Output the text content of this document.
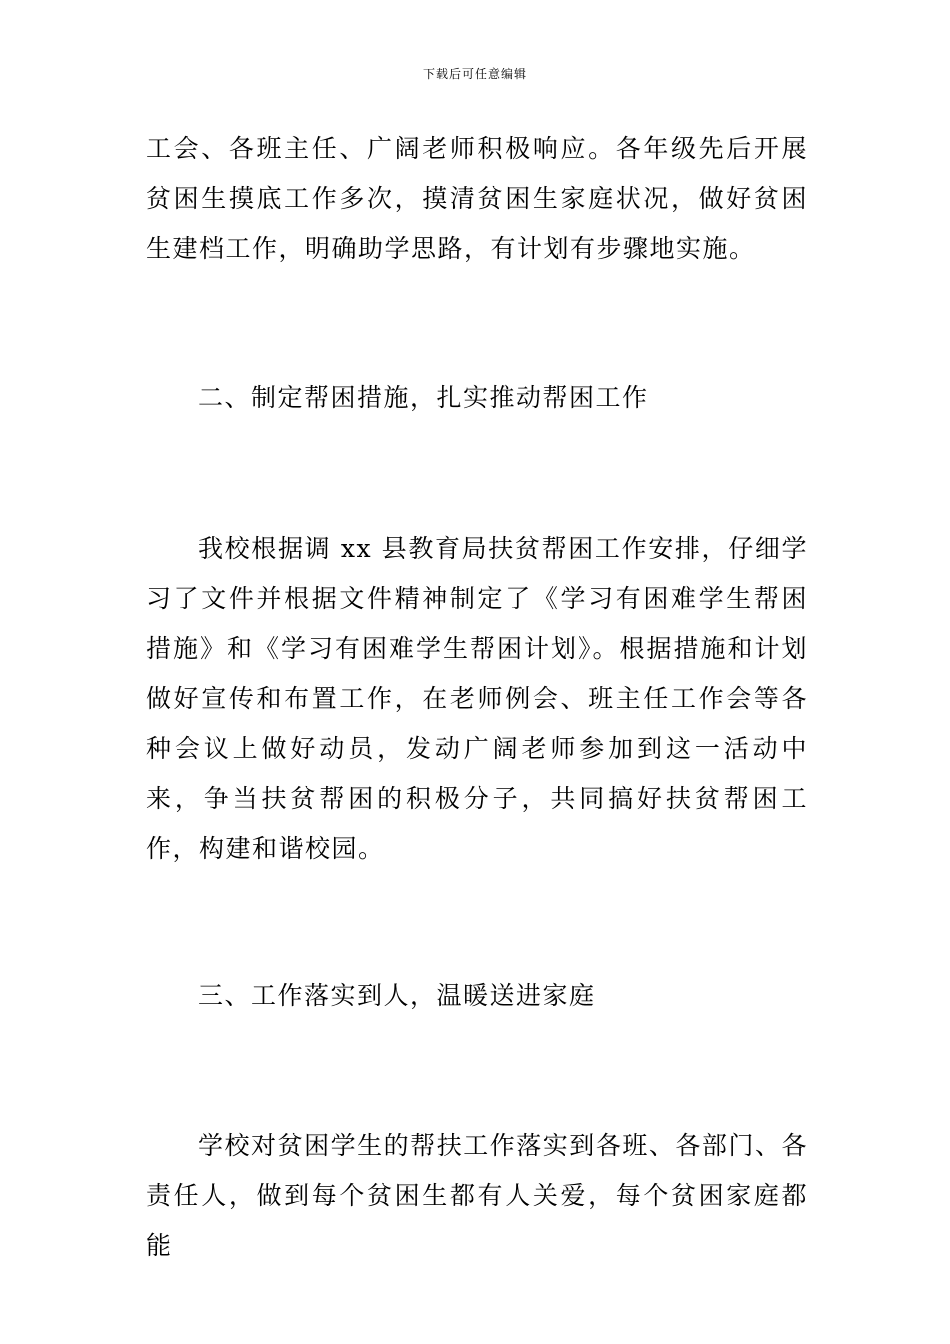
下载后可任意编辑

工会、各班主任、广阔老师积极响应。各年级先后开展贫困生摸底工作多次，摸清贫困生家庭状况，做好贫困生建档工作，明确助学思路，有计划有步骤地实施。

二、制定帮困措施，扎实推动帮困工作

我校根据调 xx 县教育局扶贫帮困工作安排，仔细学习了文件并根据文件精神制定了《学习有困难学生帮困措施》和《学习有困难学生帮困计划》。根据措施和计划做好宣传和布置工作，在老师例会、班主任工作会等各种会议上做好动员，发动广阔老师参加到这一活动中来，争当扶贫帮困的积极分子，共同搞好扶贫帮困工作，构建和谐校园。

三、工作落实到人，温暖送进家庭

学校对贫困学生的帮扶工作落实到各班、各部门、各责任人，做到每个贫困生都有人关爱，每个贫困家庭都能
